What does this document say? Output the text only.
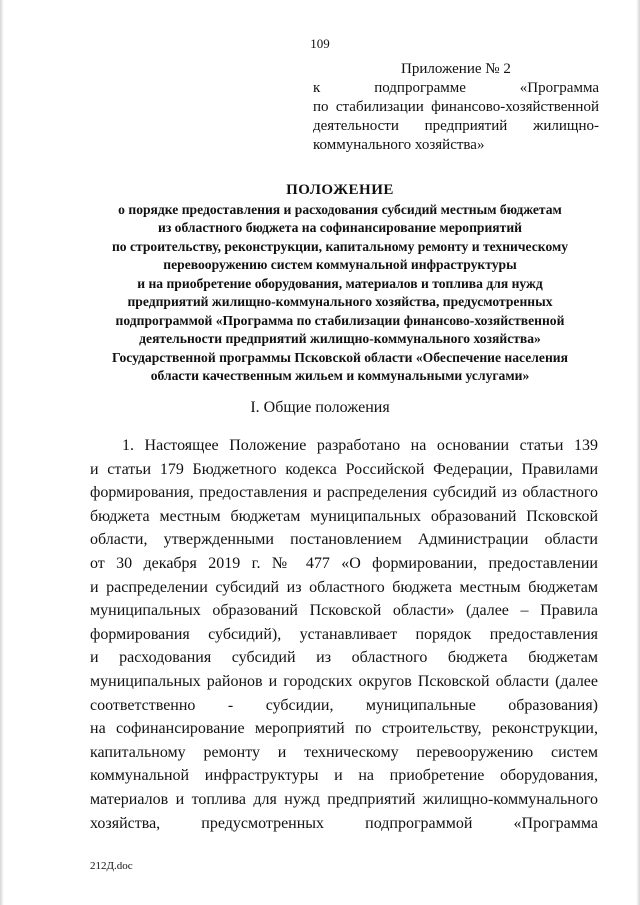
109
Приложение № 2
к подпрограмме «Программа
по стабилизации финансово-хозяйственной
деятельности предприятий жилищно-
коммунального хозяйства»
ПОЛОЖЕНИЕ
о порядке предоставления и расходования субсидий местным бюджетам
из областного бюджета на софинансирование мероприятий
по строительству, реконструкции, капитальному ремонту и техническому
перевооружению систем коммунальной инфраструктуры
и на приобретение оборудования, материалов и топлива для нужд
предприятий жилищно-коммунального хозяйства, предусмотренных
подпрограммой «Программа по стабилизации финансово-хозяйственной
деятельности предприятий жилищно-коммунального хозяйства»
Государственной программы Псковской области «Обеспечение населения
области качественным жильем и коммунальными услугами»
I. Общие положения
1. Настоящее Положение разработано на основании статьи 139
и статьи 179 Бюджетного кодекса Российской Федерации, Правилами
формирования, предоставления и распределения субсидий из областного
бюджета местным бюджетам муниципальных образований Псковской
области, утвержденными постановлением Администрации области
от 30 декабря 2019 г. № 477 «О формировании, предоставлении
и распределении субсидий из областного бюджета местным бюджетам
муниципальных образований Псковской области» (далее – Правила
формирования субсидий), устанавливает порядок предоставления
и расходования субсидий из областного бюджета бюджетам
муниципальных районов и городских округов Псковской области (далее
соответственно - субсидии, муниципальные образования)
на софинансирование мероприятий по строительству, реконструкции,
капитальному ремонту и техническому перевооружению систем
коммунальной инфраструктуры и на приобретение оборудования,
материалов и топлива для нужд предприятий жилищно-коммунального
хозяйства, предусмотренных подпрограммой «Программа
212Д.doc
